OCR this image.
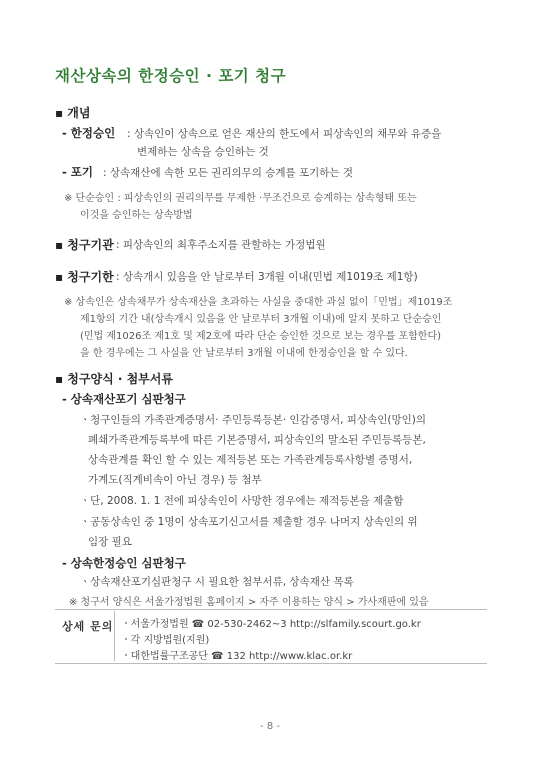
재산상속의 한정승인 · 포기 청구
▪ 개념
- 한정승인 : 상속인이 상속으로 얻은 재산의 한도에서 피상속인의 채무와 유증을
변제하는 상속을 승인하는 것
- 포기 : 상속재산에 속한 모든 권리의무의 승계를 포기하는 것
※ 단순승인 : 피상속인의 권리의무를 무제한 ·무조건으로 승계하는 상속형태 또는
이것을 승인하는 상속방법
▪ 청구기관 : 피상속인의 최후주소지를 관할하는 가정법원
▪ 청구기한 : 상속개시 있음을 안 날로부터 3개월 이내(민법 제1019조 제1항)
※ 상속인은 상속채무가 상속재산을 초과하는 사실을 중대한 과실 없이「민법」제1019조
제1항의 기간 내(상속개시 있음을 안 날로부터 3개월 이내)에 알지 못하고 단순승인
(민법 제1026조 제1호 및 제2호에 따라 단순 승인한 것으로 보는 경우를 포함한다)
을 한 경우에는 그 사실을 안 날로부터 3개월 이내에 한정승인을 할 수 있다.
▪ 청구양식 · 첨부서류
- 상속재산포기 심판청구
ㆍ청구인들의 가족관계증명서· 주민등록등본· 인감증명서, 피상속인(망인)의
폐쇄가족관계등록부에 따른 기본증명서, 피상속인의 말소된 주민등록등본,
상속관계를 확인 할 수 있는 제적등본 또는 가족관계등록사항별 증명서,
가계도(직계비속이 아닌 경우) 등 첨부
ㆍ단, 2008. 1. 1 전에 피상속인이 사망한 경우에는 제적등본을 제출함
ㆍ공동상속인 중 1명이 상속포기신고서를 제출할 경우 나머지 상속인의 위
임장 필요
- 상속한정승인 심판청구
ㆍ상속재산포기심판청구 시 필요한 첨부서류, 상속재산 목록
※ 청구서 양식은 서울가정법원 홈페이지 > 자주 이용하는 양식 > 가사재판에 있음
상세 문의 ㆍ서울가정법원 ☎ 02-530-2462~3 http://slfamily.scourt.go.kr
ㆍ각 지방법원(지원)
ㆍ대한법률구조공단 ☎ 132 http://www.klac.or.kr
- 8 -
